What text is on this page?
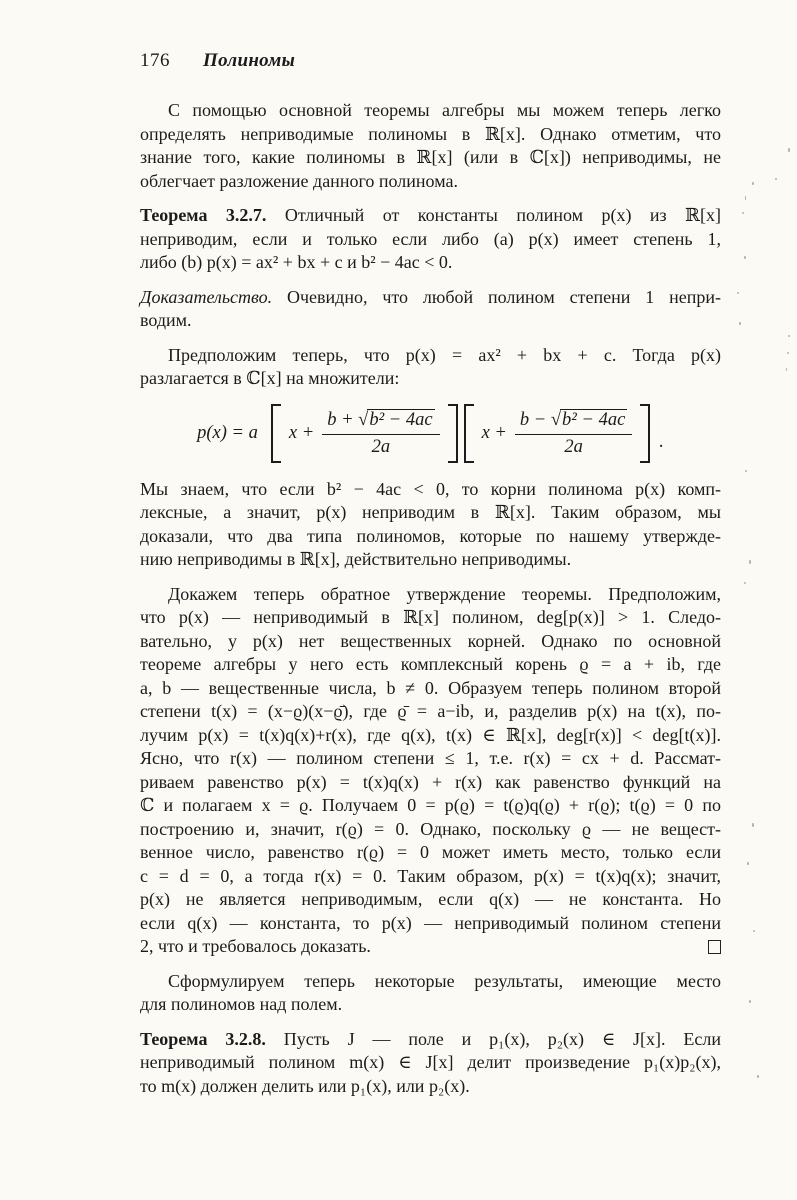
176 Полиномы
С помощью основной теоремы алгебры мы можем теперь легко
определять неприводимые полиномы в ℝ[x]. Однако отметим, что
знание того, какие полиномы в ℝ[x] (или в ℂ[x]) неприводимы, не
облегчает разложение данного полинома.
Теорема 3.2.7. Отличный от константы полином p(x) из ℝ[x]
неприводим, если и только если либо (a) p(x) имеет степень 1,
либо (b) p(x) = ax² + bx + c и b² − 4ac < 0.
Доказательство. Очевидно, что любой полином степени 1 непри-
водим.
Предположим теперь, что p(x) = ax² + bx + c. Тогда p(x)
разлагается в ℂ[x] на множители:
p(x) = a $x + \frac{\text{b + √b² − 4ac}}{2a}$ $x + \frac{\text{b − √b² − 4ac}}{2a}$ .
Мы знаем, что если b² − 4ac < 0, то корни полинома p(x) комп-
лексные, а значит, p(x) неприводим в ℝ[x]. Таким образом, мы
доказали, что два типа полиномов, которые по нашему утвержде-
нию неприводимы в ℝ[x], действительно неприводимы.
Докажем теперь обратное утверждение теоремы. Предположим,
что p(x) — неприводимый в ℝ[x] полином, deg[p(x)] > 1. Следо-
вательно, у p(x) нет вещественных корней. Однако по основной
теореме алгебры у него есть комплексный корень ϱ = a + ib, где
a, b — вещественные числа, b ≠ 0. Образуем теперь полином второй
степени t(x) = (x−ϱ)(x−ϱ̄), где ϱ̄ = a−ib, и, разделив p(x) на t(x), по-
лучим p(x) = t(x)q(x)+r(x), где q(x), t(x) ∈ ℝ[x], deg[r(x)] < deg[t(x)].
Ясно, что r(x) — полином степени ≤ 1, т.е. r(x) = cx + d. Рассмат-
риваем равенство p(x) = t(x)q(x) + r(x) как равенство функций на
ℂ и полагаем x = ϱ. Получаем 0 = p(ϱ) = t(ϱ)q(ϱ) + r(ϱ); t(ϱ) = 0 по
построению и, значит, r(ϱ) = 0. Однако, поскольку ϱ — не вещест-
венное число, равенство r(ϱ) = 0 может иметь место, только если
c = d = 0, а тогда r(x) = 0. Таким образом, p(x) = t(x)q(x); значит,
p(x) не является неприводимым, если q(x) — не константа. Но
если q(x) — константа, то p(x) — неприводимый полином степени
2, что и требовалось доказать.
Сформулируем теперь некоторые результаты, имеющие место
для полиномов над полем.
Теорема 3.2.8. Пусть J — поле и p₁(x), p₂(x) ∈ J[x]. Если
неприводимый полином m(x) ∈ J[x] делит произведение p₁(x)p₂(x),
то m(x) должен делить или p₁(x), или p₂(x).
